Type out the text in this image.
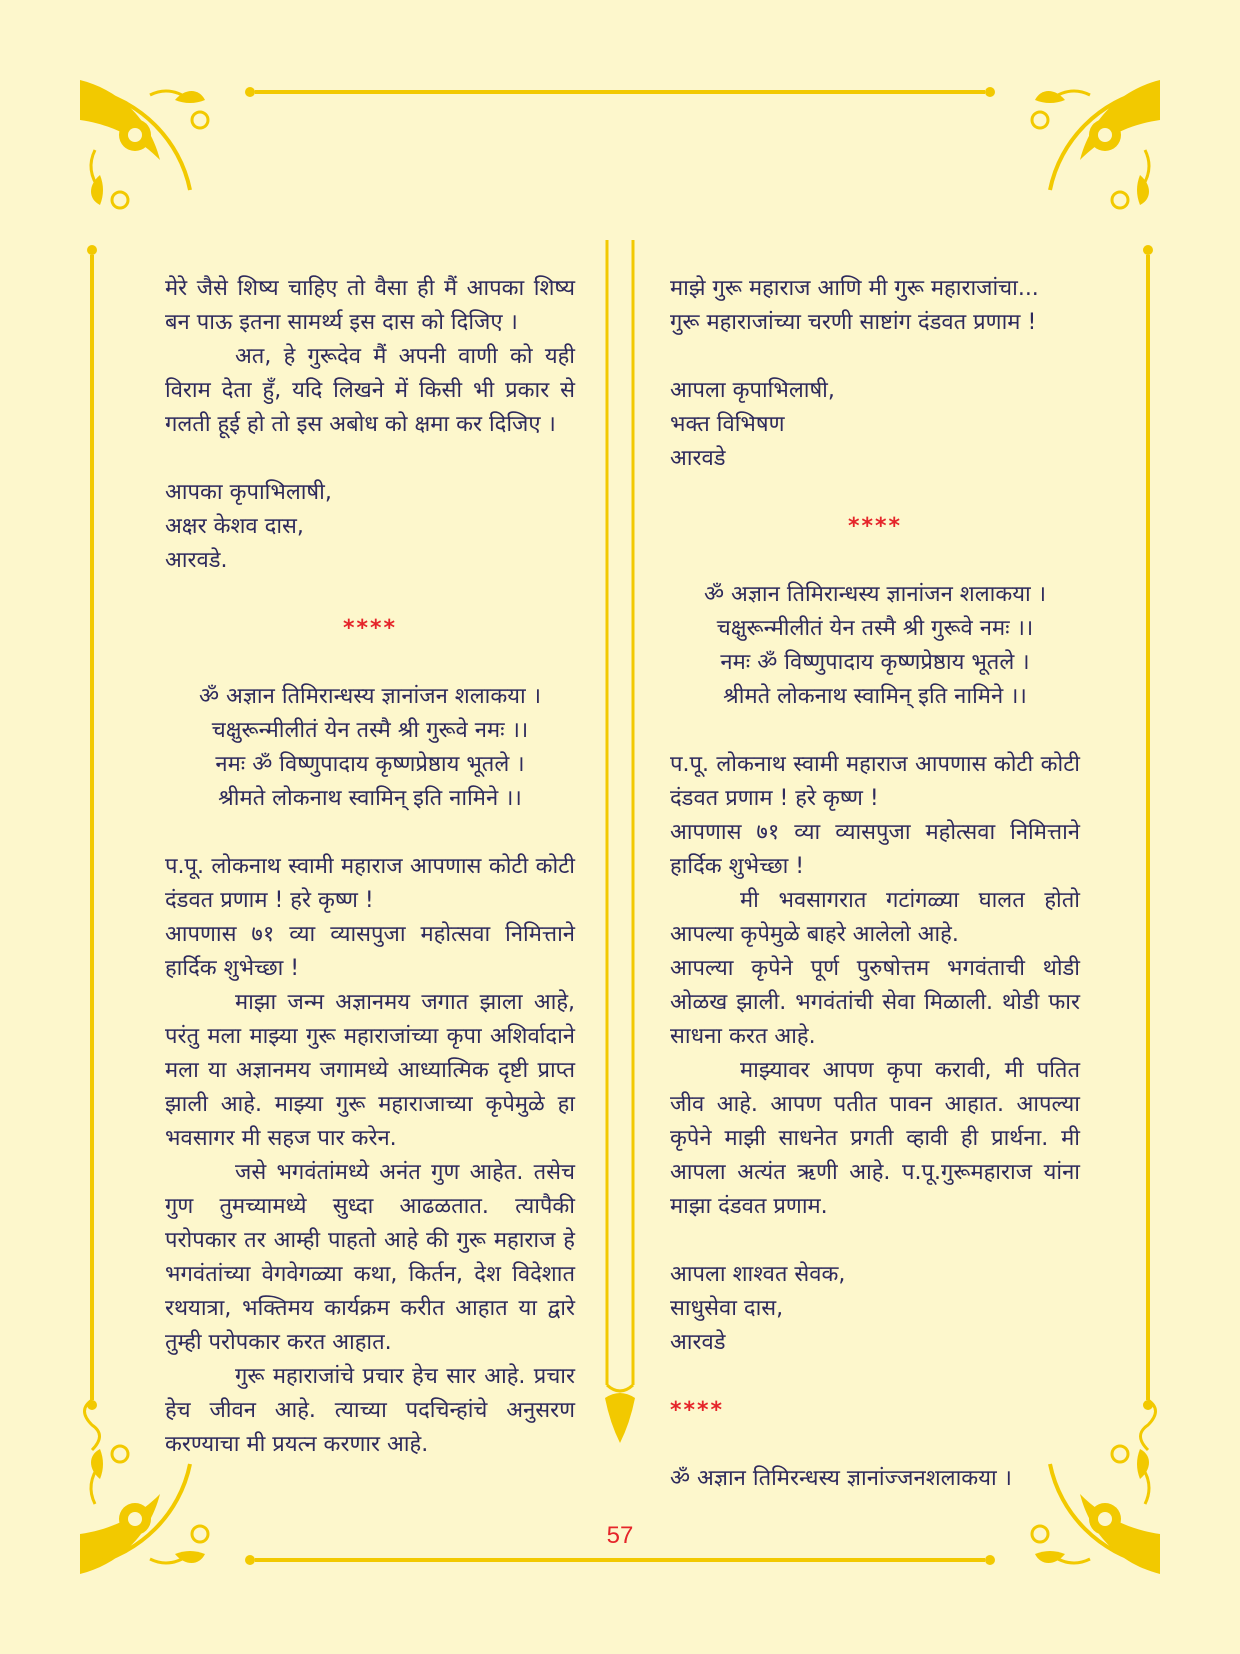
मेरे जैसे शिष्य चाहिए तो वैसा ही मैं आपका शिष्य बन पाऊ इतना सामर्थ्य इस दास को दिजिए ।

अत, हे गुरूदेव मैं अपनी वाणी को यही विराम देता हुँ, यदि लिखने में किसी भी प्रकार से गलती हूई हो तो इस अबोध को क्षमा कर दिजिए ।

आपका कृपाभिलाषी,

अक्षर केशव दास,

आरवडे.

****

ॐ अज्ञान तिमिरान्धस्य ज्ञानांजन शलाकया ।

चक्षुरून्मीलीतं येन तस्मै श्री गुरूवे नमः ।।

नमः ॐ विष्णुपादाय कृष्णप्रेष्ठाय भूतले ।

श्रीमते लोकनाथ स्वामिन् इति नामिने ।।

प.पू. लोकनाथ स्वामी महाराज आपणास कोटी कोटी दंडवत प्रणाम ! हरे कृष्ण !

आपणास ७१ व्या व्यासपुजा महोत्सवा निमित्ताने हार्दिक शुभेच्छा !

माझा जन्म अज्ञानमय जगात झाला आहे, परंतु मला माझ्या गुरू महाराजांच्या कृपा अशिर्वादाने मला या अज्ञानमय जगामध्ये आध्यात्मिक दृष्टी प्राप्त झाली आहे. माझ्या गुरू महाराजाच्या कृपेमुळे हा भवसागर मी सहज पार करेन.

जसे भगवंतांमध्ये अनंत गुण आहेत. तसेच गुण तुमच्यामध्ये सुध्दा आढळतात. त्यापैकी परोपकार तर आम्ही पाहतो आहे की गुरू महाराज हे भगवंतांच्या वेगवेगळ्या कथा, किर्तन, देश विदेशात रथयात्रा, भक्तिमय कार्यक्रम करीत आहात या द्वारे तुम्ही परोपकार करत आहात.

गुरू महाराजांचे प्रचार हेच सार आहे. प्रचार हेच जीवन आहे. त्याच्या पदचिन्हांचे अनुसरण करण्याचा मी प्रयत्न करणार आहे.

माझे गुरू महाराज आणि मी गुरू महाराजांचा...

गुरू महाराजांच्या चरणी साष्टांग दंडवत प्रणाम !

आपला कृपाभिलाषी,

भक्त विभिषण

आरवडे

****

ॐ अज्ञान तिमिरान्धस्य ज्ञानांजन शलाकया ।

चक्षुरून्मीलीतं येन तस्मै श्री गुरूवे नमः ।।

नमः ॐ विष्णुपादाय कृष्णप्रेष्ठाय भूतले ।

श्रीमते लोकनाथ स्वामिन् इति नामिने ।।

प.पू. लोकनाथ स्वामी महाराज आपणास कोटी कोटी दंडवत प्रणाम ! हरे कृष्ण !

आपणास ७१ व्या व्यासपुजा महोत्सवा निमित्ताने हार्दिक शुभेच्छा !

मी भवसागरात गटांगळ्या घालत होतो आपल्या कृपेमुळे बाहरे आलेलो आहे.

आपल्या कृपेने पूर्ण पुरुषोत्तम भगवंताची थोडी ओळख झाली. भगवंतांची सेवा मिळाली. थोडी फार साधना करत आहे.

माझ्यावर आपण कृपा करावी, मी पतित जीव आहे. आपण पतीत पावन आहात. आपल्या कृपेने माझी साधनेत प्रगती व्हावी ही प्रार्थना. मी आपला अत्यंत ऋणी आहे. प.पू.गुरूमहाराज यांना माझा दंडवत प्रणाम.

आपला शाश्वत सेवक,

साधुसेवा दास,

आरवडे

****

ॐ अज्ञान तिमिरन्धस्य ज्ञानांज्जनशलाकया ।

57
